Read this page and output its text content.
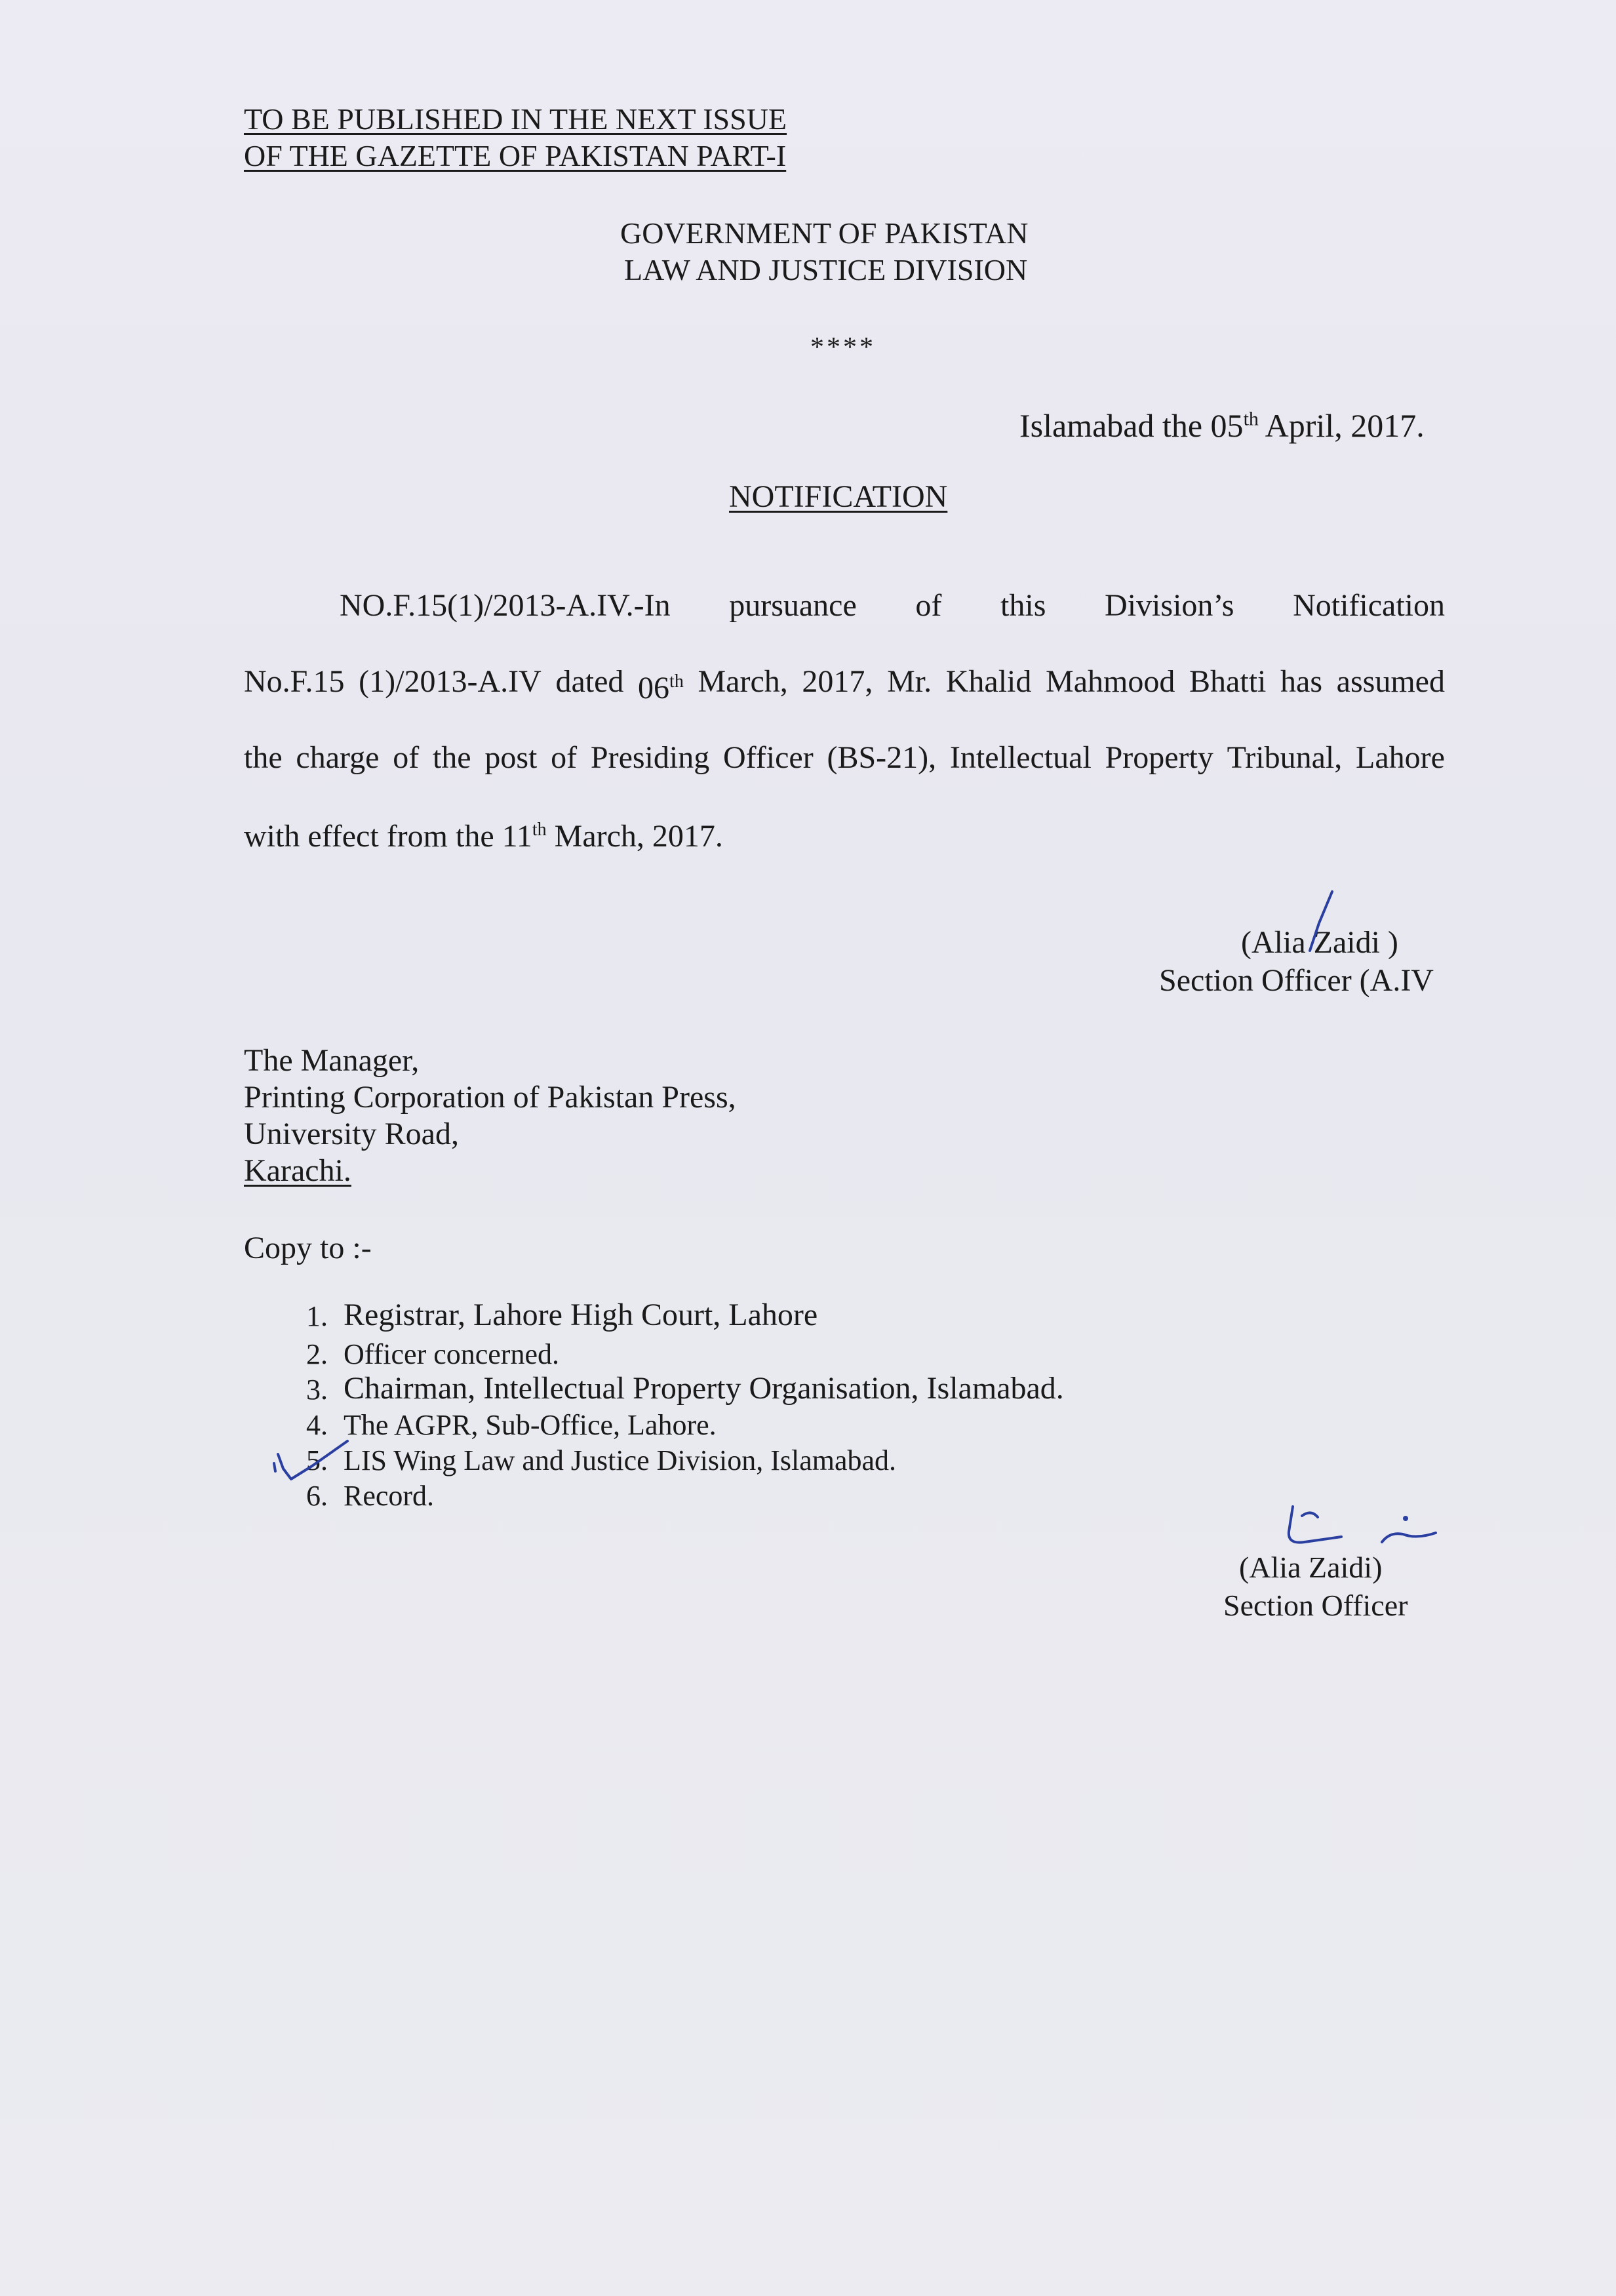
TO BE PUBLISHED IN THE NEXT ISSUE

OF THE GAZETTE OF PAKISTAN PART-I

GOVERNMENT OF PAKISTAN

LAW AND JUSTICE DIVISION

****

Islamabad the 05th April, 2017.

NOTIFICATION

NO.F.15(1)/2013-A.IV.-In pursuance of this Division’s Notification
No.F.15 (1)/2013-A.IV dated 06th March, 2017, Mr. Khalid Mahmood Bhatti has assumed
the charge of the post of Presiding Officer (BS-21), Intellectual Property Tribunal, Lahore

with effect from the 11th March, 2017.

(Alia Zaidi )

Section Officer (A.IV

The Manager,

Printing Corporation of Pakistan Press,

University Road,

Karachi.

Copy to :-

1. Registrar, Lahore High Court, Lahore

2. Officer concerned.

3. Chairman, Intellectual Property Organisation, Islamabad.

4. The AGPR, Sub-Office, Lahore.

5. LIS Wing Law and Justice Division, Islamabad.

6. Record.

(Alia Zaidi)

Section Officer
